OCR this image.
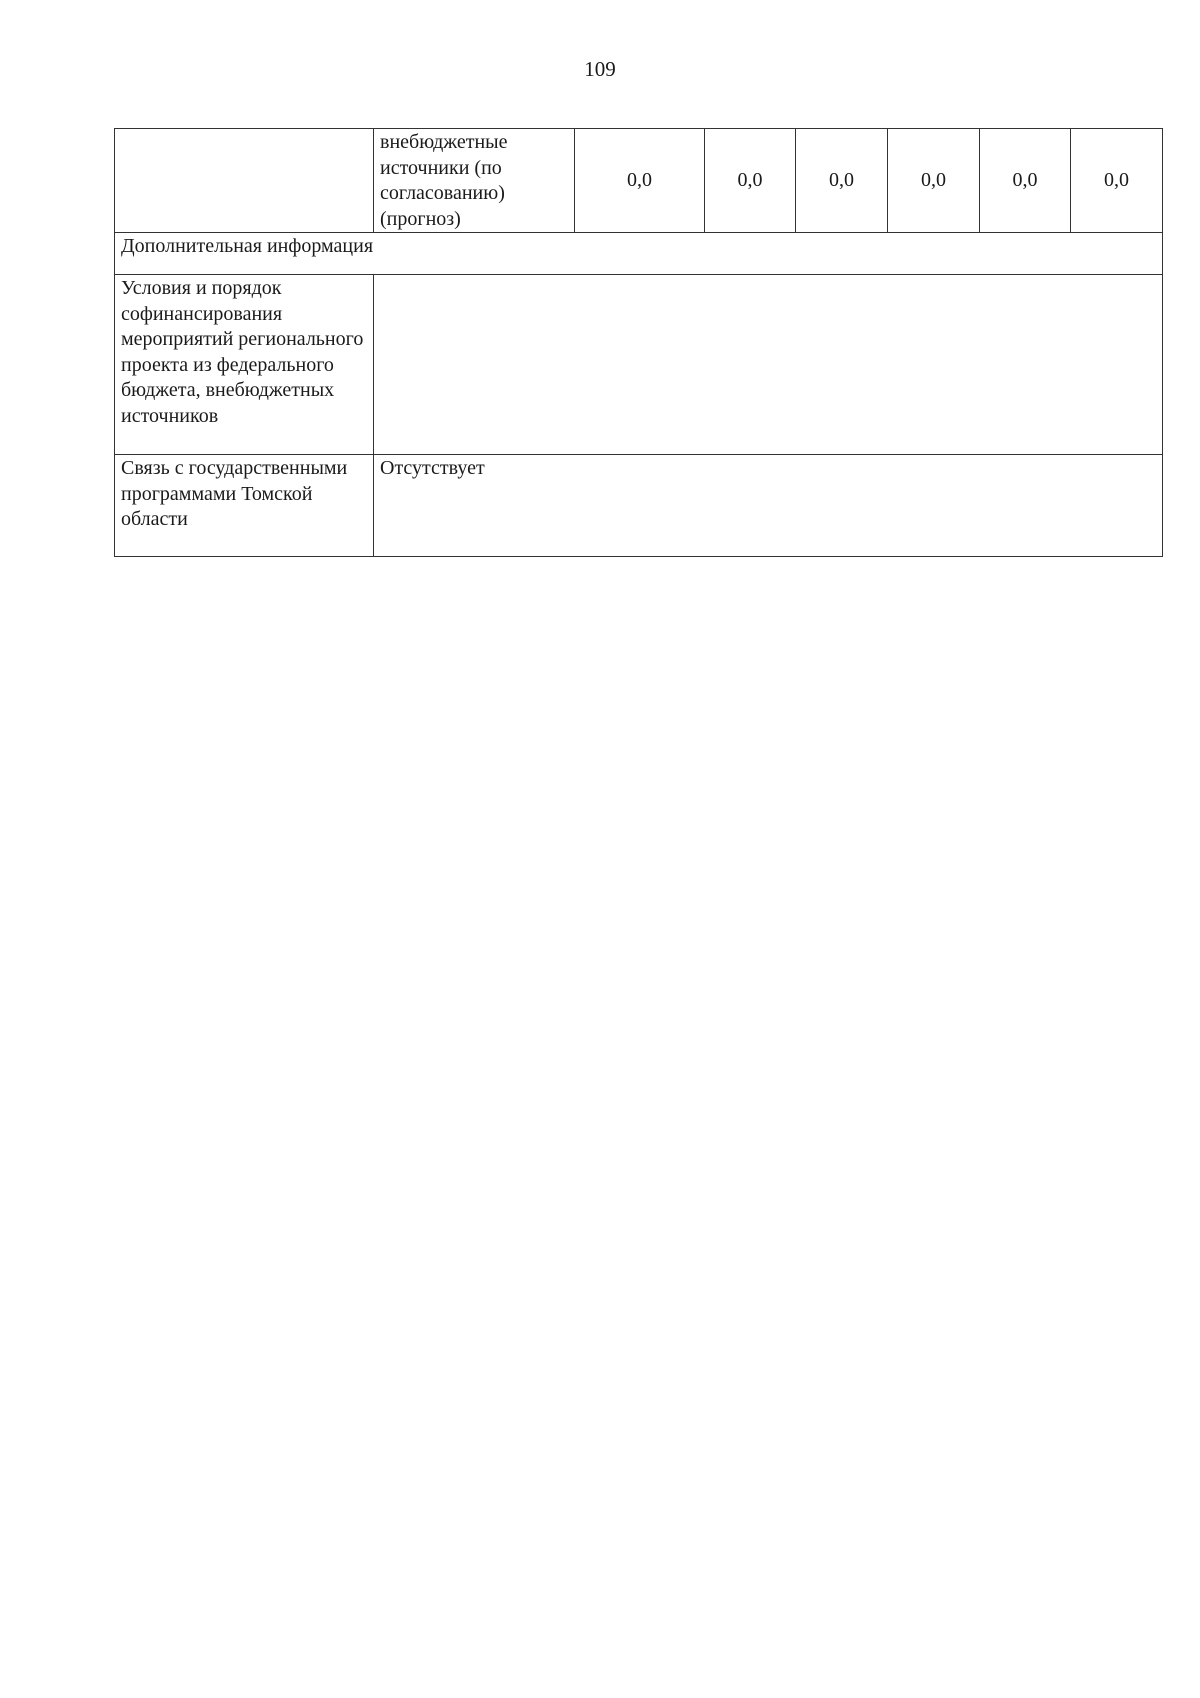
109
	внебюджетные источники (по согласованию) (прогноз)	0,0	0,0	0,0	0,0	0,0	0,0
Дополнительная информация							
Условия и порядок софинансирования мероприятий регионального проекта из федерального бюджета, внебюджетных источников							
Связь с государственными программами Томской области	Отсутствует						
